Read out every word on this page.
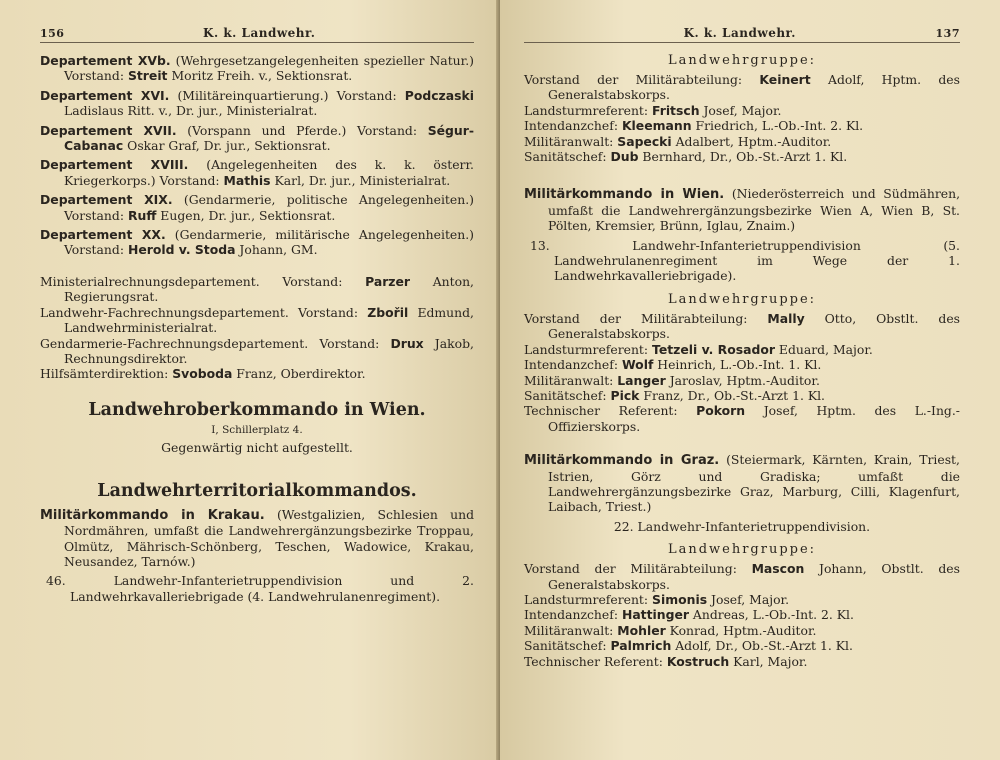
156	K. k. Landwehr.
Departement XVb. (Wehrgesetzangelegenheiten spezieller Natur.) Vorstand: Streit Moritz Freih. v., Sektionsrat.
Departement XVI. (Militäreinquartierung.) Vorstand: Podczaski Ladislaus Ritt. v., Dr. jur., Ministerialrat.
Departement XVII. (Vorspann und Pferde.) Vorstand: Ségur-Cabanac Oskar Graf, Dr. jur., Sektionsrat.
Departement XVIII. (Angelegenheiten des k. k. österr. Kriegerkorps.) Vorstand: Mathis Karl, Dr. jur., Ministerialrat.
Departement XIX. (Gendarmerie, politische Angelegenheiten.) Vorstand: Ruff Eugen, Dr. jur., Sektionsrat.
Departement XX. (Gendarmerie, militärische Angelegenheiten.) Vorstand: Herold v. Stoda Johann, GM.
Ministerialrechnungsdepartement. Vorstand: Parzer Anton, Regierungsrat.
Landwehr-Fachrechnungsdepartement. Vorstand: Zbořil Edmund, Landwehrministerialrat.
Gendarmerie-Fachrechnungsdepartement. Vorstand: Drux Jakob, Rechnungsdirektor.
Hilfsämterdirektion: Svoboda Franz, Oberdirektor.
Landwehroberkommando in Wien.
I, Schillerplatz 4.
Gegenwärtig nicht aufgestellt.
Landwehrterritorialkommandos.
Militärkommando in Krakau. (Westgalizien, Schlesien und Nordmähren, umfaßt die Landwehrergänzungsbezirke Troppau, Olmütz, Mährisch-Schönberg, Teschen, Wadowice, Krakau, Neusandez, Tarnów.)
46. Landwehr-Infanterietruppendivision und 2. Landwehrkavalleriebrigade (4. Landwehrulanenregiment).
K. k. Landwehr.	137
Landwehrgruppe:
Vorstand der Militärabteilung: Keinert Adolf, Hptm. des Generalstabskorps.
Landsturmreferent: Fritsch Josef, Major.
Intendanzchef: Kleemann Friedrich, L.-Ob.-Int. 2. Kl.
Militäranwalt: Sapecki Adalbert, Hptm.-Auditor.
Sanitätschef: Dub Bernhard, Dr., Ob.-St.-Arzt 1. Kl.
Militärkommando in Wien. (Niederösterreich und Südmähren, umfaßt die Landwehrergänzungsbezirke Wien A, Wien B, St. Pölten, Kremsier, Brünn, Iglau, Znaim.)
13. Landwehr-Infanterietruppendivision (5. Landwehrulanenregiment im Wege der 1. Landwehrkavalleriebrigade).
Landwehrgruppe:
Vorstand der Militärabteilung: Mally Otto, Obstlt. des Generalstabskorps.
Landsturmreferent: Tetzeli v. Rosador Eduard, Major.
Intendanzchef: Wolf Heinrich, L.-Ob.-Int. 1. Kl.
Militäranwalt: Langer Jaroslav, Hptm.-Auditor.
Sanitätschef: Pick Franz, Dr., Ob.-St.-Arzt 1. Kl.
Technischer Referent: Pokorn Josef, Hptm. des L.-Ing.-Offizierskorps.
Militärkommando in Graz. (Steiermark, Kärnten, Krain, Triest, Istrien, Görz und Gradiska; umfaßt die Landwehrergänzungsbezirke Graz, Marburg, Cilli, Klagenfurt, Laibach, Triest.)
22. Landwehr-Infanterietruppendivision.
Landwehrgruppe:
Vorstand der Militärabteilung: Mascon Johann, Obstlt. des Generalstabskorps.
Landsturmreferent: Simonis Josef, Major.
Intendanzchef: Hattinger Andreas, L.-Ob.-Int. 2. Kl.
Militäranwalt: Mohler Konrad, Hptm.-Auditor.
Sanitätschef: Palmrich Adolf, Dr., Ob.-St.-Arzt 1. Kl.
Technischer Referent: Kostruch Karl, Major.
